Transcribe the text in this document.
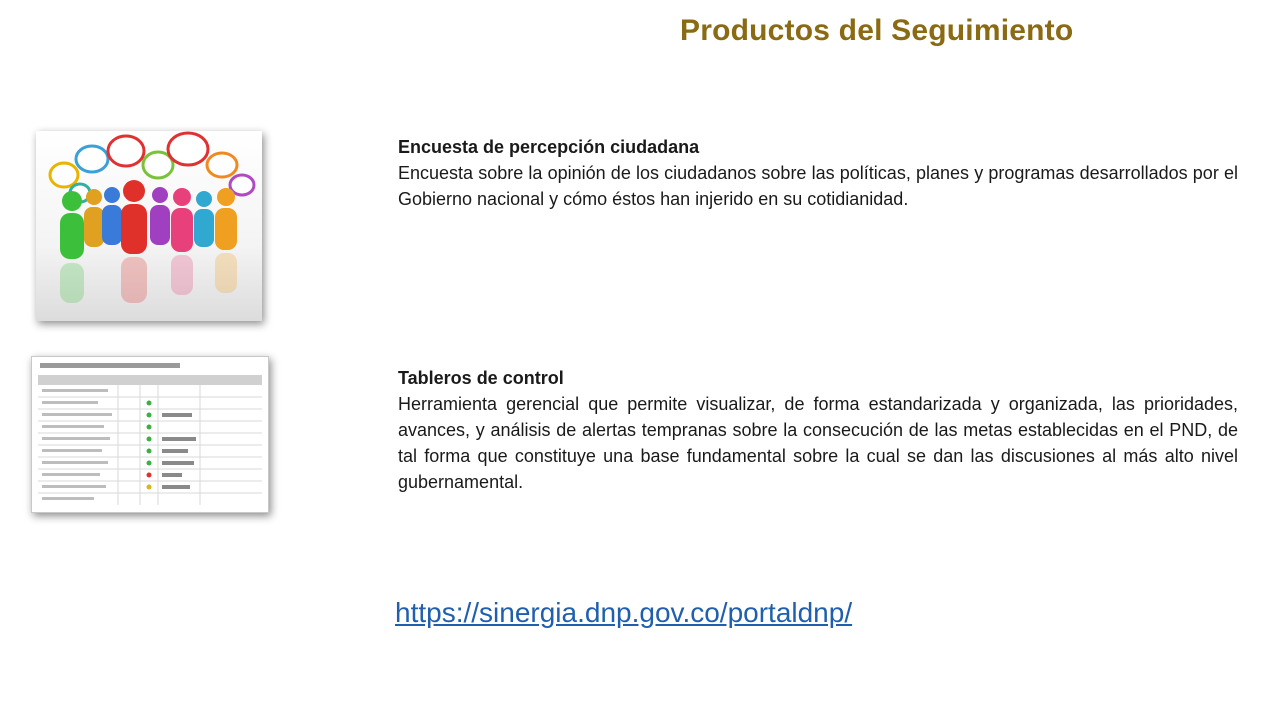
Productos del Seguimiento
Encuesta de percepción ciudadana
Encuesta sobre la opinión de los ciudadanos sobre las políticas, planes y programas desarrollados por el Gobierno nacional y cómo éstos han injerido en su cotidianidad.
Tableros de control
Herramienta gerencial que permite visualizar, de forma estandarizada y organizada, las prioridades, avances, y análisis de alertas tempranas sobre la consecución de las metas establecidas en el PND, de tal forma que constituye una base fundamental sobre la cual se dan las discusiones al más alto nivel gubernamental.
https://sinergia.dnp.gov.co/portaldnp/
